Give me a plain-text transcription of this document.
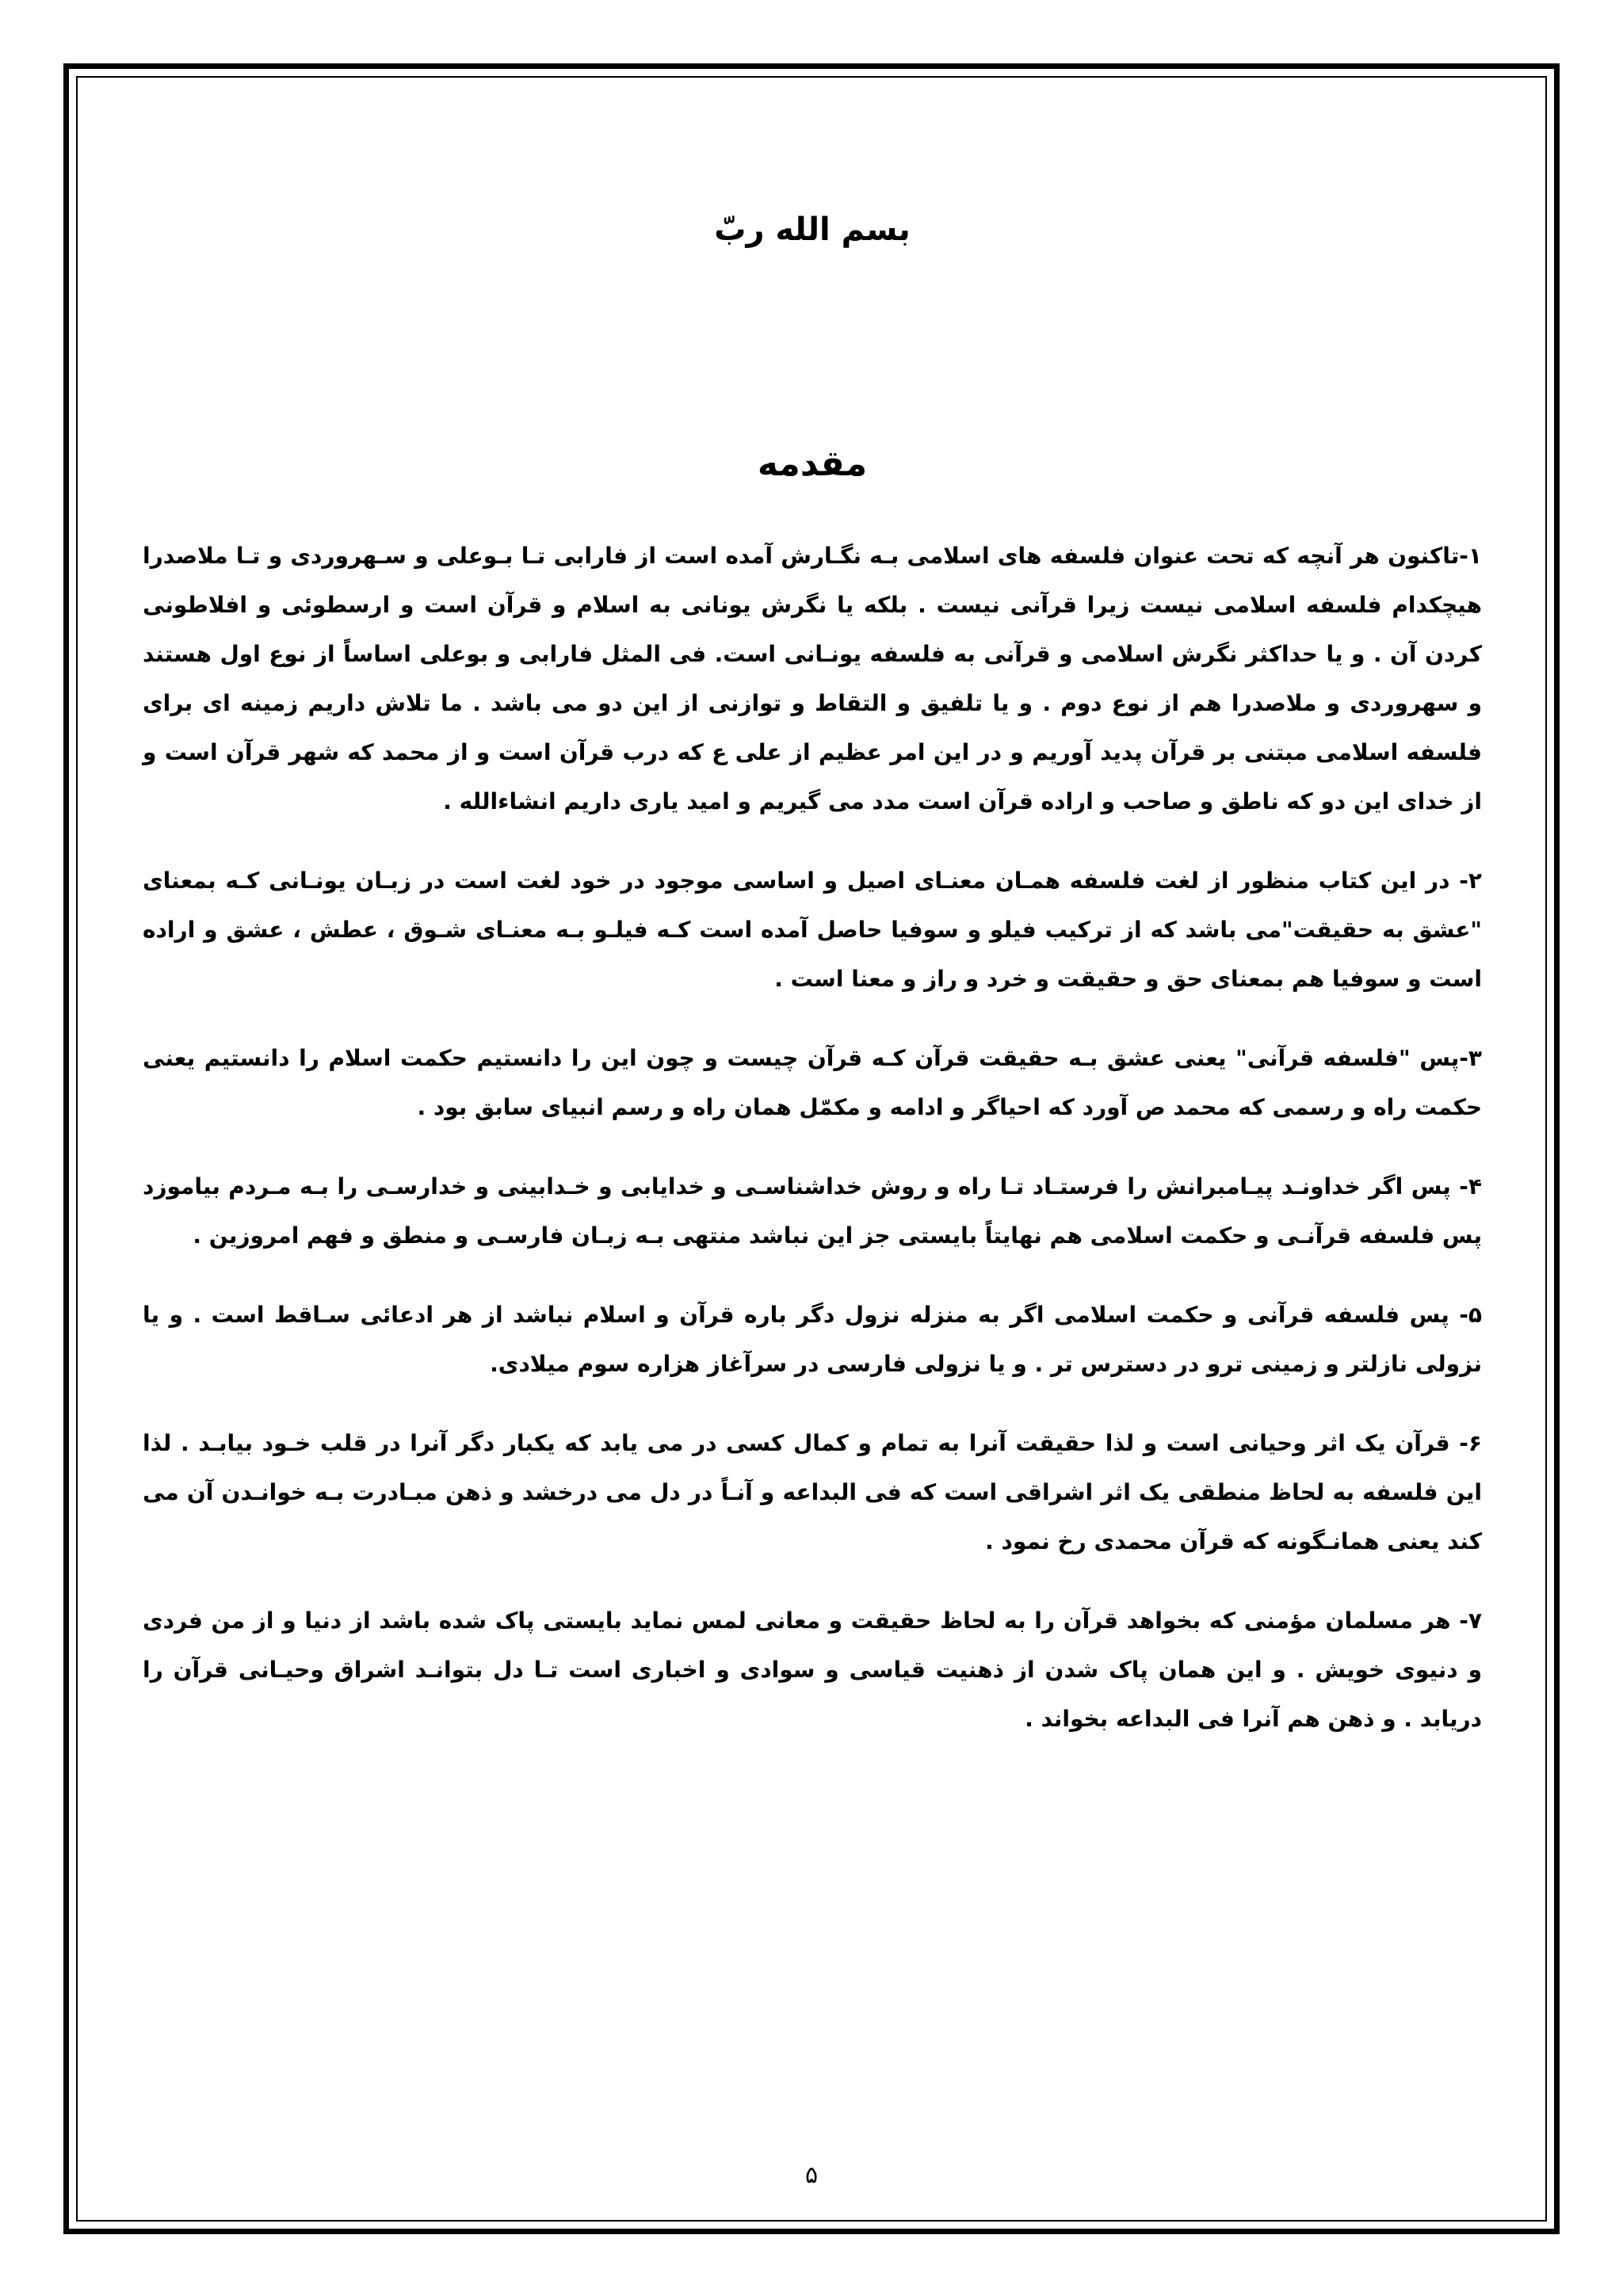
بسم الله ربّ
مقدمه

۱-تاکنون هر آنچه که تحت عنوان فلسفه های اسلامی بـه نگـارش آمده است از فارابی تـا بـوعلی و سـهروردی و تـا ملاصدرا هیچکدام فلسفه اسلامی نیست زیرا قرآنی نیست . بلکه یا نگرش یونانی به اسلام و قرآن است و ارسطوئی و افلاطونی کردن آن . و یا حداکثر نگرش اسلامی و قرآنی به فلسفه یونـانی است. فی المثل فارابی و بوعلی اساساً از نوع اول هستند و سهروردی و ملاصدرا هم از نوع دوم . و یا تلفیق و التقاط و توازنی از این دو می باشد . ما تلاش داریم زمینه ای برای فلسفه اسلامی مبتنی بر قرآن پدید آوریم و در این امر عظیم از علی ع که درب قرآن است و از محمد که شهر قرآن است و از خدای این دو که ناطق و صاحب و اراده قرآن است مدد می گیریم و امید یاری داریم انشاءالله .

۲- در این کتاب منظور از لغت فلسفه همـان معنـای اصیل و اساسی موجود در خود لغت است در زبـان یونـانی کـه بمعنای "عشق به حقیقت"می باشد که از ترکیب فیلو و سوفیا حاصل آمده است کـه فیلـو بـه معنـای شـوق ، عطش ، عشق و اراده است و سوفیا هم بمعنای حق و حقیقت و خرد و راز و معنا است .

۳-پس "فلسفه قرآنی" یعنی عشق بـه حقیقت قرآن کـه قرآن چیست و چون این را دانستیم حکمت اسلام را دانستیم یعنی حکمت راه و رسمی که محمد ص آورد که احیاگر و ادامه و مکمّل همان راه و رسم انبیای سابق بود .

۴- پس اگر خداونـد پیـامبرانش را فرستـاد تـا راه و روش خداشناسـی و خدایابی و خـدابینی و خدارسـی را بـه مـردم بیاموزد پس فلسفه قرآنـی و حکمت اسلامی هم نهایتاً بایستی جز این نباشد منتهی بـه زبـان فارسـی و منطق و فهم امروزین .

۵- پس فلسفه قرآنی و حکمت اسلامی اگر به منزله نزول دگر باره قرآن و اسلام نباشد از هر ادعائی سـاقط است . و یا نزولی نازلتر و زمینی ترو در دسترس تر . و یا نزولی فارسی در سرآغاز هزاره سوم میلادی.

۶- قرآن یک اثر وحیانی است و لذا حقیقت آنرا به تمام و کمال کسی در می یابد که یکبار دگر آنرا در قلب خـود بیابـد . لذا این فلسفه به لحاظ منطقی یک اثر اشراقی است که فی البداعه و آنـاً در دل می درخشد و ذهن مبـادرت بـه خوانـدن آن می کند یعنی همانـگونه که قرآن محمدی رخ نمود .

۷- هر مسلمان مؤمنی که بخواهد قرآن را به لحاظ حقیقت و معانی لمس نماید بایستی پاک شده باشد از دنیا و از من فردی و دنیوی خویش . و این همان پاک شدن از ذهنیت قیاسی و سوادی و اخباری است تـا دل بتوانـد اشراق وحیـانی قرآن را دریابد . و ذهن هم آنرا فی البداعه بخواند .

۵
